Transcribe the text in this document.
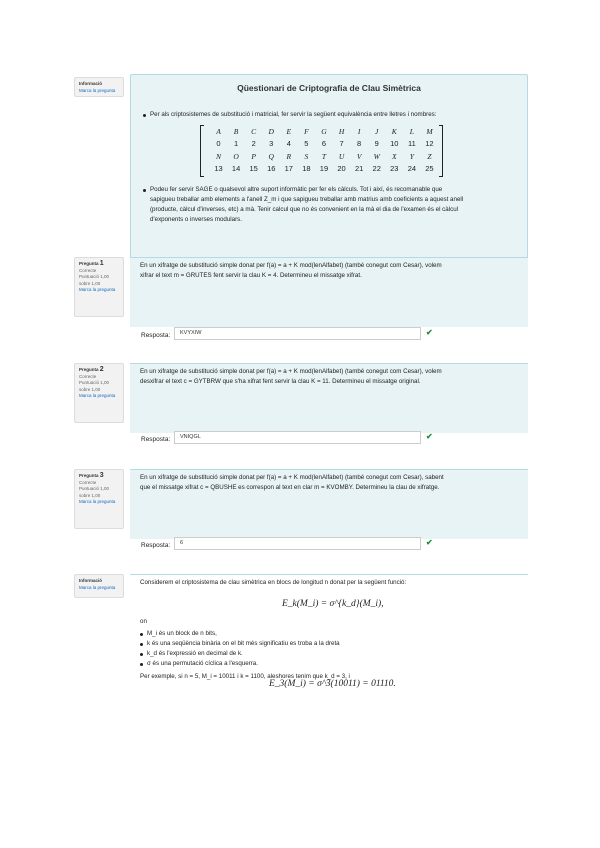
Informació
Marca la pregunta	Qüestionari de Criptografia de Clau Simètrica
Per als criptosistemes de substitució i matricial, fer servir la següent equivalència entre lletres i nombres:
Podeu fer servir SAGE o qualsevol altre suport informàtic per fer els càlculs. Tot i així, és recomanable que
sapigueu treballar amb elements a l'anell Z_m i que sapigueu treballar amb matrius amb coeficients a aquest anell
(producte, càlcul d'inverses, etc) a mà. Tenir calcul que no és convenient en la mà el dia de l'examen és el càlcul
d'exponents o inverses modulars.
A	B	C	D	E	F	G	H	I	J	K	L	M
0	1	2	3	4	5	6	7	8	9	10	11	12
N	O	P	Q	R	S	T	U	V	W	X	Y	Z
13	14	15	16	17	18	19	20	21	22	23	24	25
Pregunta 1
Correcte
Puntuació 1,00 sobre 1,00
Marca la pregunta
En un xifratge de substitució simple donat per f(a) = a + K mod(lenAlfabet) (també conegut com Cesar), volem
xifrar el text m = GRUTES fent servir la clau K = 4. Determineu el missatge xifrat.
Resposta:	KVYXIW	✔
Pregunta 2
Correcte
Puntuació 1,00 sobre 1,00
Marca la pregunta
En un xifratge de substitució simple donat per f(a) = a + K mod(lenAlfabet) (també conegut com Cesar), volem
desxifrar el text c = GYTBRW que s'ha xifrat fent servir la clau K = 11. Determineu el missatge original.
Resposta:	VNIQGL	✔
Pregunta 3
Correcte
Puntuació 1,00 sobre 1,00
Marca la pregunta
En un xifratge de substitució simple donat per f(a) = a + K mod(lenAlfabet) (també conegut com Cesar), sabent
que el missatge xifrat c = QBUSHE es correspon al text en clar m = KVOMBY. Determineu la clau de xifratge.
Resposta:	6	✔
Informació
Marca la pregunta
Considerem el criptosistema de clau simètrica en blocs de longitud n donat per la següent funció:
E_k(M_i) = σ^{k_d}(M_i),
on
M_i és un block de n bits,
k és una seqüència binària on el bit més significatiu es troba a la dreta
k_d és l'expressió en decimal de k.
σ és una permutació cíclica a l'esquerra.
Per exemple, si n = 5, M_i = 10011 i k = 1100, aleshores tenim que k_d = 3, i
E_3(M_i) = σ^3(10011) = 01110.
